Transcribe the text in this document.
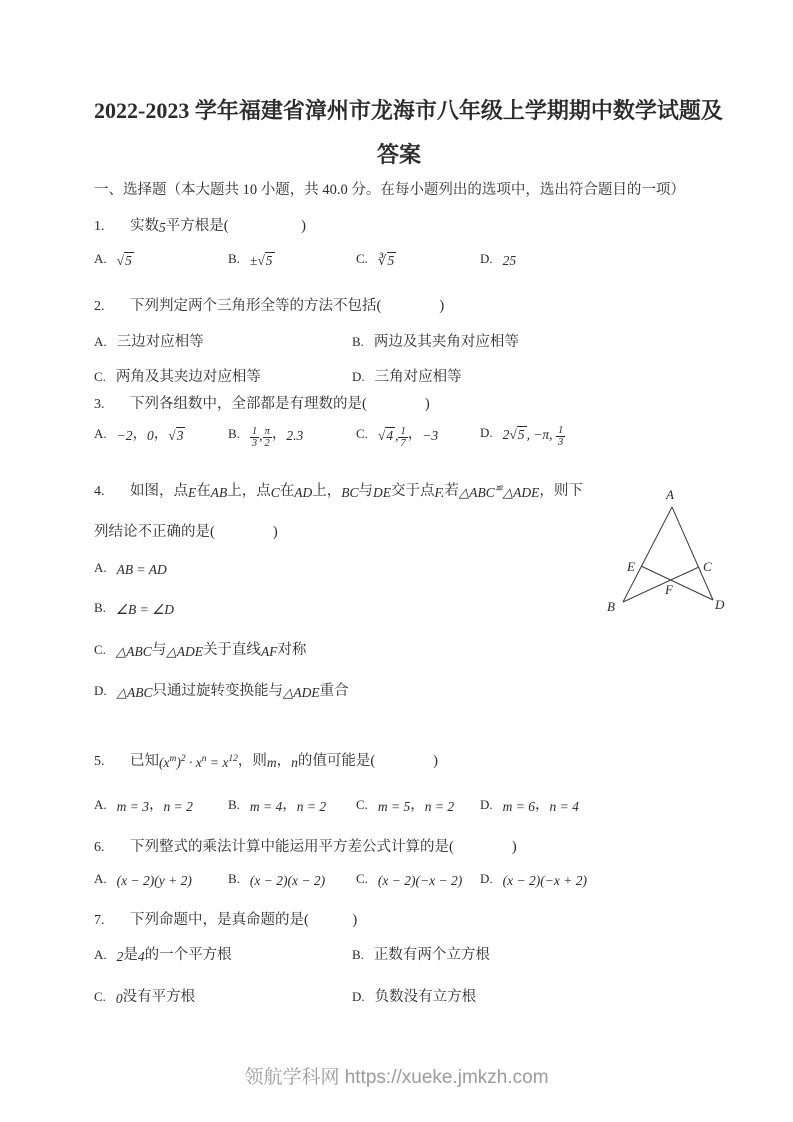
2022-2023 学年福建省漳州市龙海市八年级上学期期中数学试题及
答案
一、选择题（本大题共 10 小题，共 40.0 分。在每小题列出的选项中，选出符合题目的一项）
1. 实数5平方根是(　　　　　)
A. √5	B. ±√5	C. ∛5	D. 25
2. 下列判定两个三角形全等的方法不包括(　　　　)
A. 三边对应相等	B. 两边及其夹角对应相等
C. 两角及其夹边对应相等	D. 三角对应相等
3. 下列各组数中，全部都是有理数的是(　　　　)
A. −2，0，√3	B. $\frac{1}{3}$ , $\frac{\pi}{2}$ ，2.3	C. √4 , $\frac{1}{7}$ ，−3	D. 2√5 , −π, $\frac{1}{3}$
4. 如图，点E在AB上，点C在AD上，BC与DE交于点F.若△ABC≌△ADE，则下
列结论不正确的是(　　　　)
A. AB = AD
B. ∠B = ∠D
C. △ABC与△ADE关于直线AF对称
D. △ABC只通过旋转变换能与△ADE重合
5. 已知$(x^m)^2 \cdot x^n = x^{12}$，则m，n的值可能是(　　　　)
A. m = 3，n = 2	B. m = 4，n = 2 C. m = 5，n = 2 D. m = 6，n = 4
6. 下列整式的乘法计算中能运用平方差公式计算的是(　　　　)
A. (x − 2)(y + 2)	B. (x − 2)(x − 2) C. (x − 2)(−x − 2) D. (x − 2)(−x + 2)
7. 下列命题中，是真命题的是(　　　)
A. 2是4的一个平方根	B. 正数有两个立方根
C. 0没有平方根	D. 负数没有立方根
A
E	C
F
B	D
领航学科网 https://xueke.jmkzh.com
